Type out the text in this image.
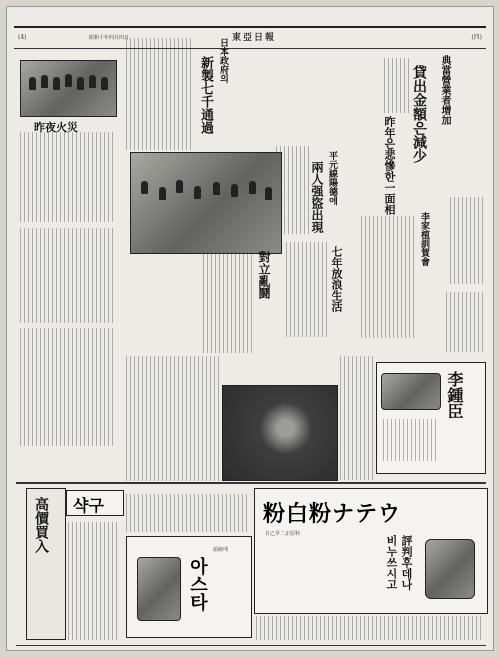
(4)	東亞日報	(四)
昭和十年四月四日
典當營業者增加
貸出金額은減少
昨年은悲慘한一面相
平元線陽德에
兩人强盜出現
李家植訓賀會
李鍾臣
日本政府의
新製七千通過
對立亂鬪	七年放浪生活
昨夜火災
粉白粉ナテウ
日乙早二正原料
비누쓰시고 評判후데나
高價買入 샥구
아스타
頭痛에
